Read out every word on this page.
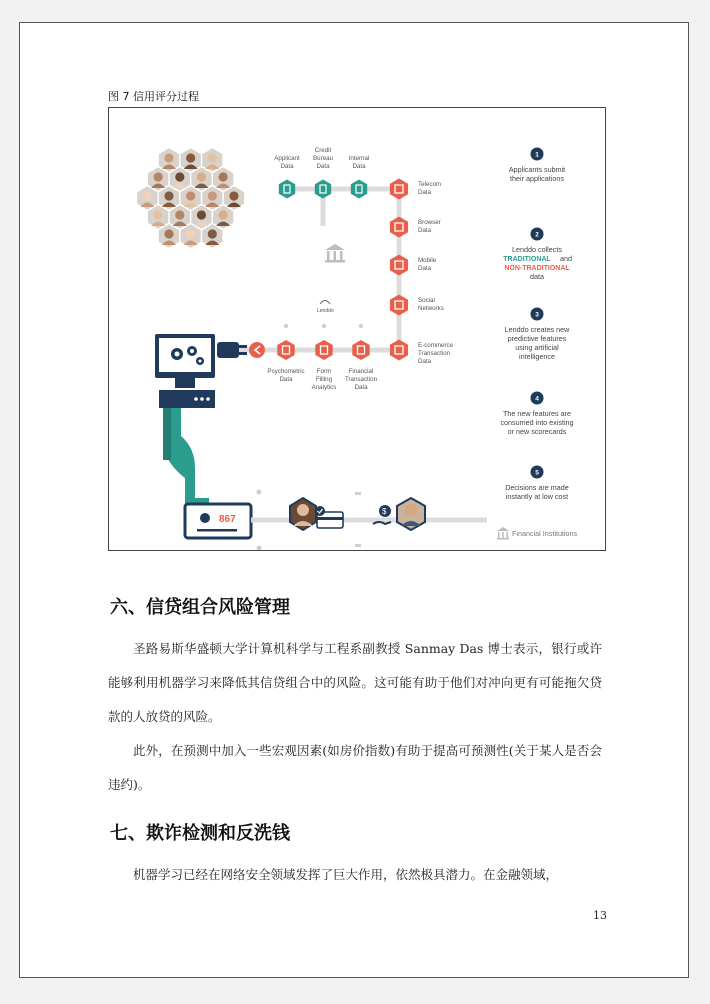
图 7 信用评分过程
Applicant
Data
Credit
Bureau
Data
Internal
Data
Telecom
Data
Browser
Data
Mobile
Data
Social
Networks
E-commerce
Transaction
Data
Psychometric
Data
Form
Filling
Analytics
Financial
Transaction
Data
Lenddo
867
$
1
Applicants submit
their applications
2
Lenddo collects
TRADITIONAL and
NON-TRADITIONAL
data
3
Lenddo creates new
predictive features
using artificial
intelligence
4
The new features are
consumed into existing
or new scorecards
5
Decisions are made
instantly at low cost
Financial Institutions
六、信贷组合风险管理
圣路易斯华盛顿大学计算机科学与工程系副教授 Sanmay Das 博士表示，银行或许能够利用机器学习来降低其信贷组合中的风险。这可能有助于他们对冲向更有可能拖欠贷款的人放贷的风险。
此外，在预测中加入一些宏观因素(如房价指数)有助于提高可预测性(关于某人是否会违约)。
七、欺诈检测和反洗钱
机器学习已经在网络安全领域发挥了巨大作用，依然极具潜力。在金融领域，
13
